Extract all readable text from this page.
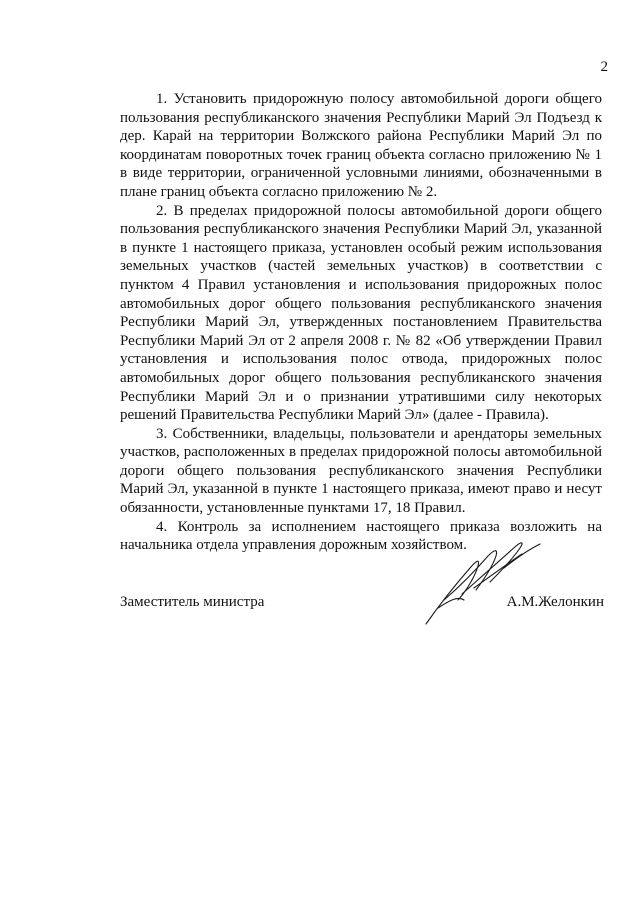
2

1. Установить придорожную полосу автомобильной дороги общего пользования республиканского значения Республики Марий Эл Подъезд к дер. Карай на территории Волжского района Республики Марий Эл по координатам поворотных точек границ объекта согласно приложению № 1 в виде территории, ограниченной условными линиями, обозначенными в плане границ объекта согласно приложению № 2.

2. В пределах придорожной полосы автомобильной дороги общего пользования республиканского значения Республики Марий Эл, указанной в пункте 1 настоящего приказа, установлен особый режим использования земельных участков (частей земельных участков) в соответствии с пунктом 4 Правил установления и использования придорожных полос автомобильных дорог общего пользования республиканского значения Республики Марий Эл, утвержденных постановлением Правительства Республики Марий Эл от 2 апреля 2008 г. № 82 «Об утверждении Правил установления и использования полос отвода, придорожных полос автомобильных дорог общего пользования республиканского значения Республики Марий Эл и о признании утратившими силу некоторых решений Правительства Республики Марий Эл» (далее - Правила).

3. Собственники, владельцы, пользователи и арендаторы земельных участков, расположенных в пределах придорожной полосы автомобильной дороги общего пользования республиканского значения Республики Марий Эл, указанной в пункте 1 настоящего приказа, имеют право и несут обязанности, установленные пунктами 17, 18 Правил.

4. Контроль за исполнением настоящего приказа возложить на начальника отдела управления дорожным хозяйством.

Заместитель министра	А.М.Желонкин
